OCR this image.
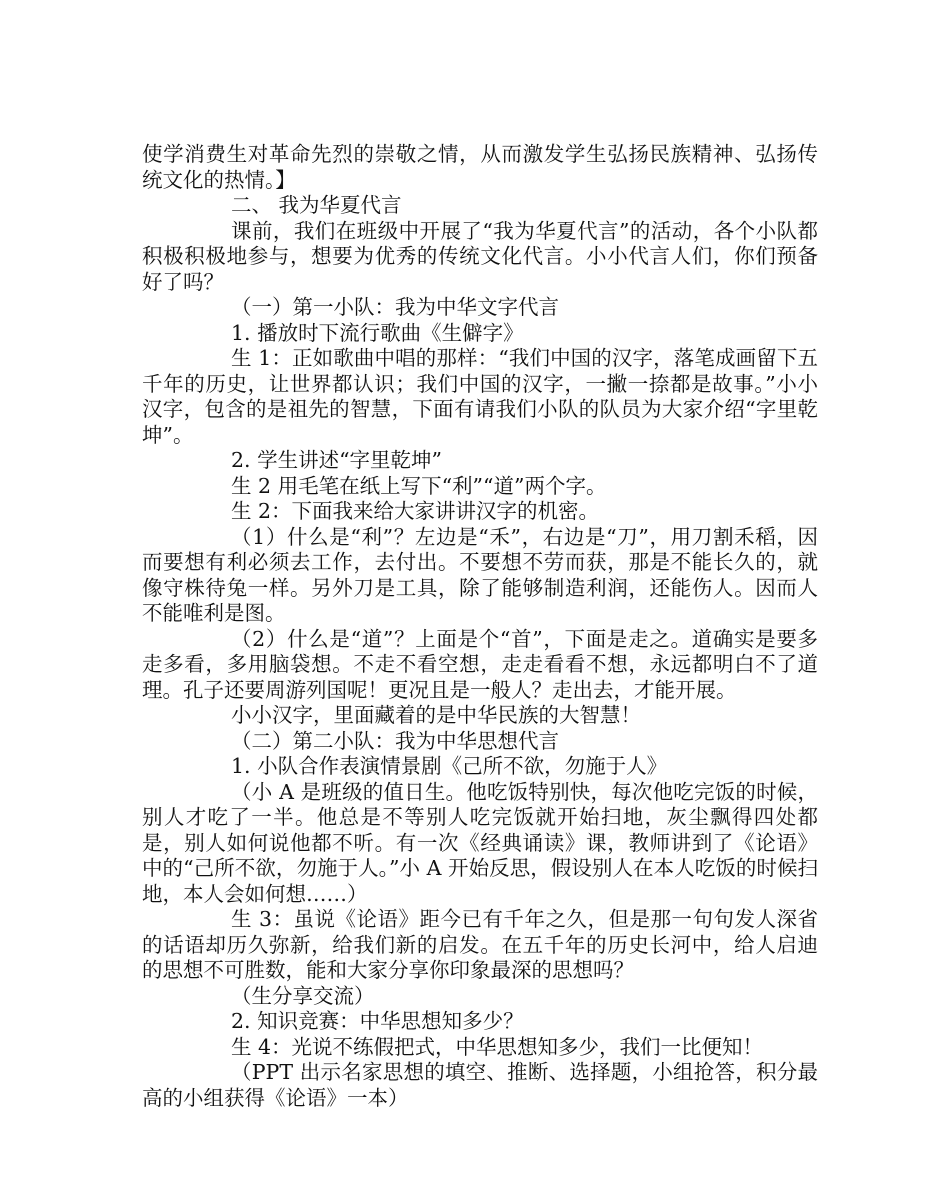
使学消费生对革命先烈的崇敬之情，从而激发学生弘扬民族精神、弘扬传统文化的热情。】

二、 我为华夏代言

课前，我们在班级中开展了“我为华夏代言”的活动，各个小队都积极积极地参与，想要为优秀的传统文化代言。小小代言人们，你们预备好了吗？

（一）第一小队：我为中华文字代言

1. 播放时下流行歌曲《生僻字》

生 1：正如歌曲中唱的那样：“我们中国的汉字，落笔成画留下五千年的历史，让世界都认识；我们中国的汉字，一撇一捺都是故事。”小小汉字，包含的是祖先的智慧，下面有请我们小队的队员为大家介绍“字里乾坤”。

2. 学生讲述“字里乾坤”

生 2 用毛笔在纸上写下“利”“道”两个字。

生 2：下面我来给大家讲讲汉字的机密。

（1）什么是“利”？左边是“禾”，右边是“刀”，用刀割禾稻，因而要想有利必须去工作，去付出。不要想不劳而获，那是不能长久的，就像守株待兔一样。另外刀是工具，除了能够制造利润，还能伤人。因而人不能唯利是图。

（2）什么是“道”？上面是个“首”，下面是走之。道确实是要多走多看，多用脑袋想。不走不看空想，走走看看不想，永远都明白不了道理。孔子还要周游列国呢！更况且是一般人？走出去，才能开展。

小小汉字，里面藏着的是中华民族的大智慧！

（二）第二小队：我为中华思想代言

1. 小队合作表演情景剧《己所不欲，勿施于人》

（小 A 是班级的值日生。他吃饭特别快，每次他吃完饭的时候，别人才吃了一半。他总是不等别人吃完饭就开始扫地，灰尘飘得四处都是，别人如何说他都不听。有一次《经典诵读》课，教师讲到了《论语》中的“己所不欲，勿施于人。”小 A 开始反思，假设别人在本人吃饭的时候扫地，本人会如何想……）

生 3：虽说《论语》距今已有千年之久，但是那一句句发人深省的话语却历久弥新，给我们新的启发。在五千年的历史长河中，给人启迪的思想不可胜数，能和大家分享你印象最深的思想吗？

（生分享交流）

2. 知识竞赛：中华思想知多少？

生 4：光说不练假把式，中华思想知多少，我们一比便知！

（PPT 出示名家思想的填空、推断、选择题，小组抢答，积分最高的小组获得《论语》一本）
